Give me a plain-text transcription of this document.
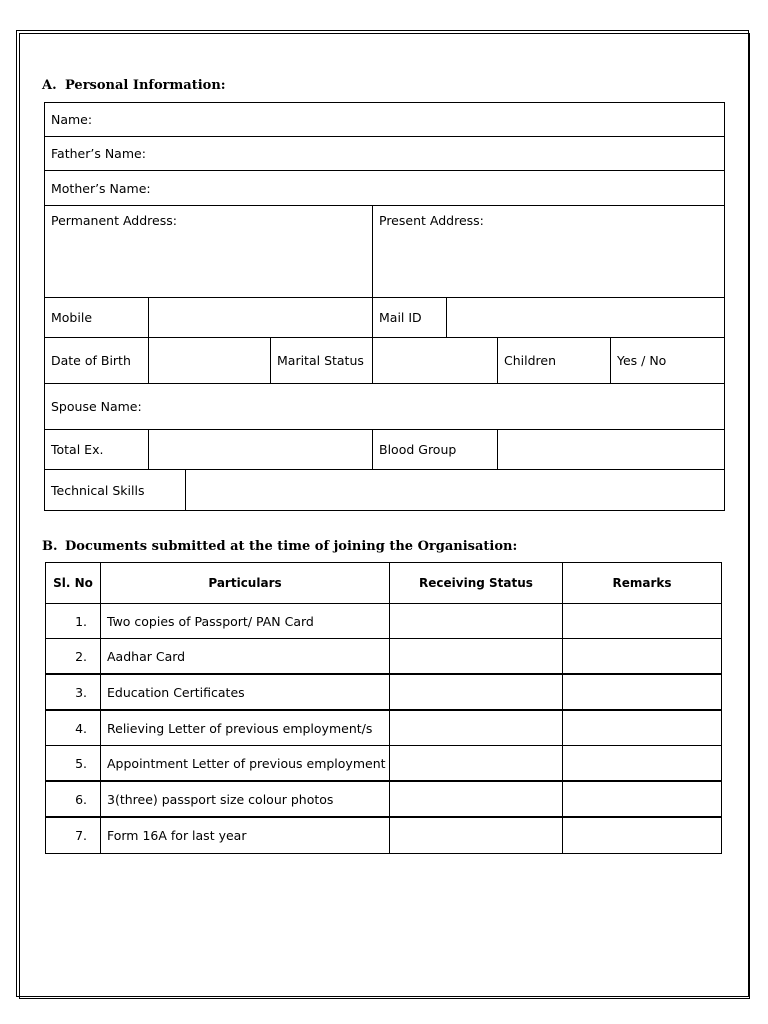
A. Personal Information:
Name:
Father’s Name:
Mother’s Name:
Permanent Address:	Present Address:
Mobile	Mail ID
Date of Birth	Marital Status	Children	Yes / No
Spouse Name:
Total Ex.	Blood Group
Technical Skills
B. Documents submitted at the time of joining the Organisation:
Sl. No	Particulars	Receiving Status	Remarks
1.	Two copies of Passport/ PAN Card
2.	Aadhar Card
3.	Education Certificates
4.	Relieving Letter of previous employment/s
5.	Appointment Letter of previous employment
6.	3(three) passport size colour photos
7.	Form 16A for last year
